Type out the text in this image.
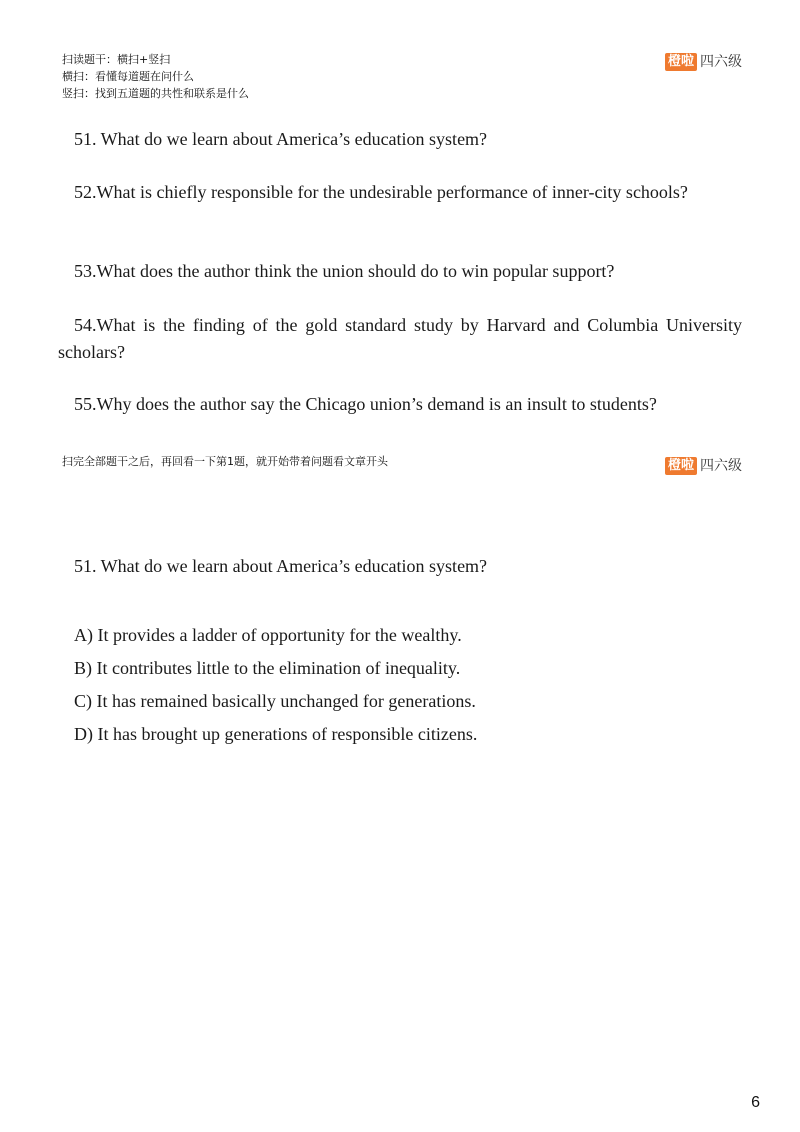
扫读题干：横扫+竖扫
横扫：看懂每道题在问什么
竖扫：找到五道题的共性和联系是什么
橙啦 四六级

51. What do we learn about America’s education system?

52.What is chiefly responsible for the undesirable performance of inner-city schools?

53.What does the author think the union should do to win popular support?

54.What is the finding of the gold standard study by Harvard and Columbia University scholars?

55.Why does the author say the Chicago union’s demand is an insult to students?

扫完全部题干之后，再回看一下第1题，就开始带着问题看文章开头	橙啦 四六级

51. What do we learn about America’s education system?

A) It provides a ladder of opportunity for the wealthy.
B) It contributes little to the elimination of inequality.
C) It has remained basically unchanged for generations.
D) It has brought up generations of responsible citizens.
6
